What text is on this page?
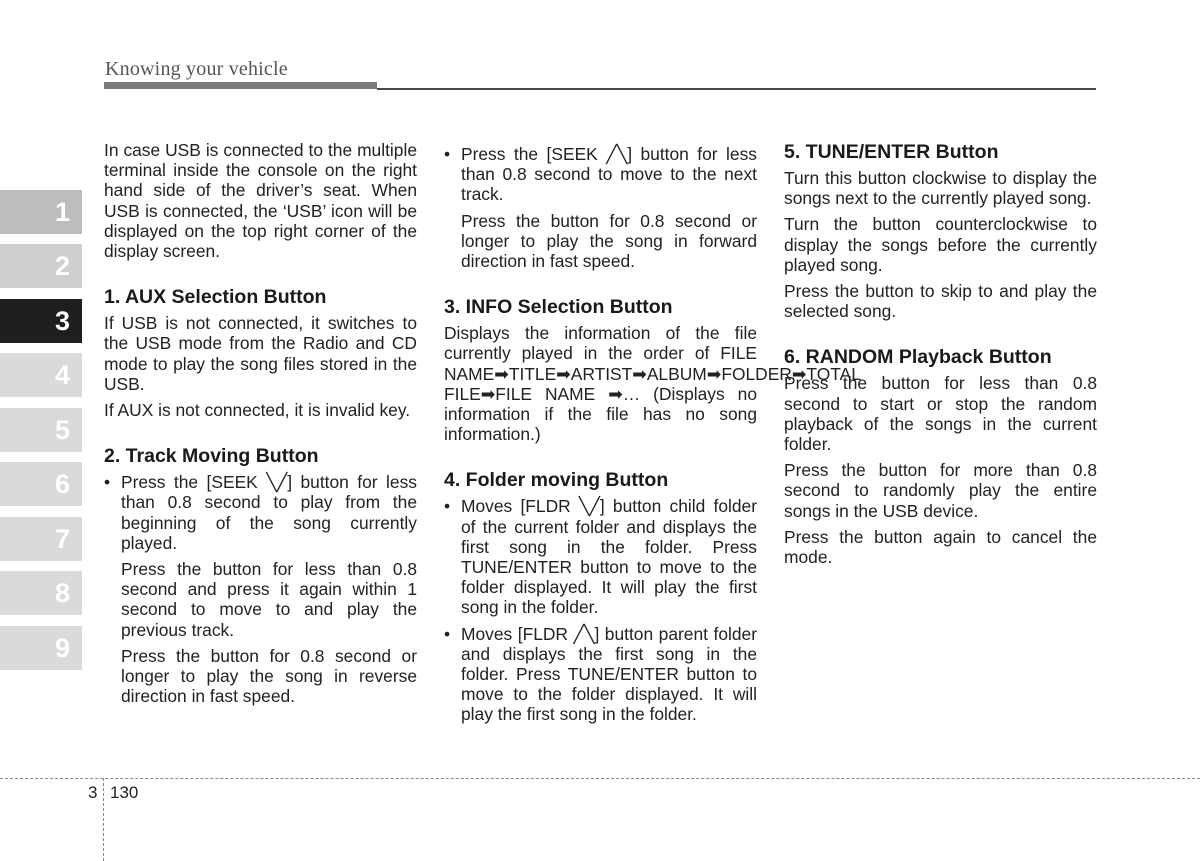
Knowing your vehicle
1
2
3
4
5
6
7
8
9

In case USB is connected to the multiple terminal inside the console on the right hand side of the driver’s seat. When USB is connected, the ‘USB’ icon will be displayed on the top right corner of the display screen.

1. AUX Selection Button

If USB is not connected, it switches to the USB mode from the Radio and CD mode to play the song files stored in the USB.

If AUX is not connected, it is invalid key.

2. Track Moving Button

• Press the [SEEK ╲╱] button for less than 0.8 second to play from the beginning of the song currently played.

Press the button for less than 0.8 second and press it again within 1 second to move to and play the previous track.

Press the button for 0.8 second or longer to play the song in reverse direction in fast speed.

• Press the [SEEK ╱╲] button for less than 0.8 second to move to the next track.

Press the button for 0.8 second or longer to play the song in forward direction in fast speed.

3. INFO Selection Button

Displays the information of the file currently played in the order of FILE NAME➡TITLE➡ARTIST➡ALBUM➡FOLDER➡TOTAL FILE➡FILE NAME ➡… (Displays no information if the file has no song information.)

4. Folder moving Button

• Moves [FLDR ╲╱] button child folder of the current folder and displays the first song in the folder. Press TUNE/ENTER button to move to the folder displayed. It will play the first song in the folder.

• Moves [FLDR ╱╲] button parent folder and displays the first song in the folder. Press TUNE/ENTER button to move to the folder displayed. It will play the first song in the folder.

5. TUNE/ENTER Button

Turn this button clockwise to display the songs next to the currently played song.

Turn the button counterclockwise to display the songs before the currently played song.

Press the button to skip to and play the selected song.

6. RANDOM Playback Button

Press the button for less than 0.8 second to start or stop the random playback of the songs in the current folder.

Press the button for more than 0.8 second to randomly play the entire songs in the USB device.

Press the button again to cancel the mode.

3 130
